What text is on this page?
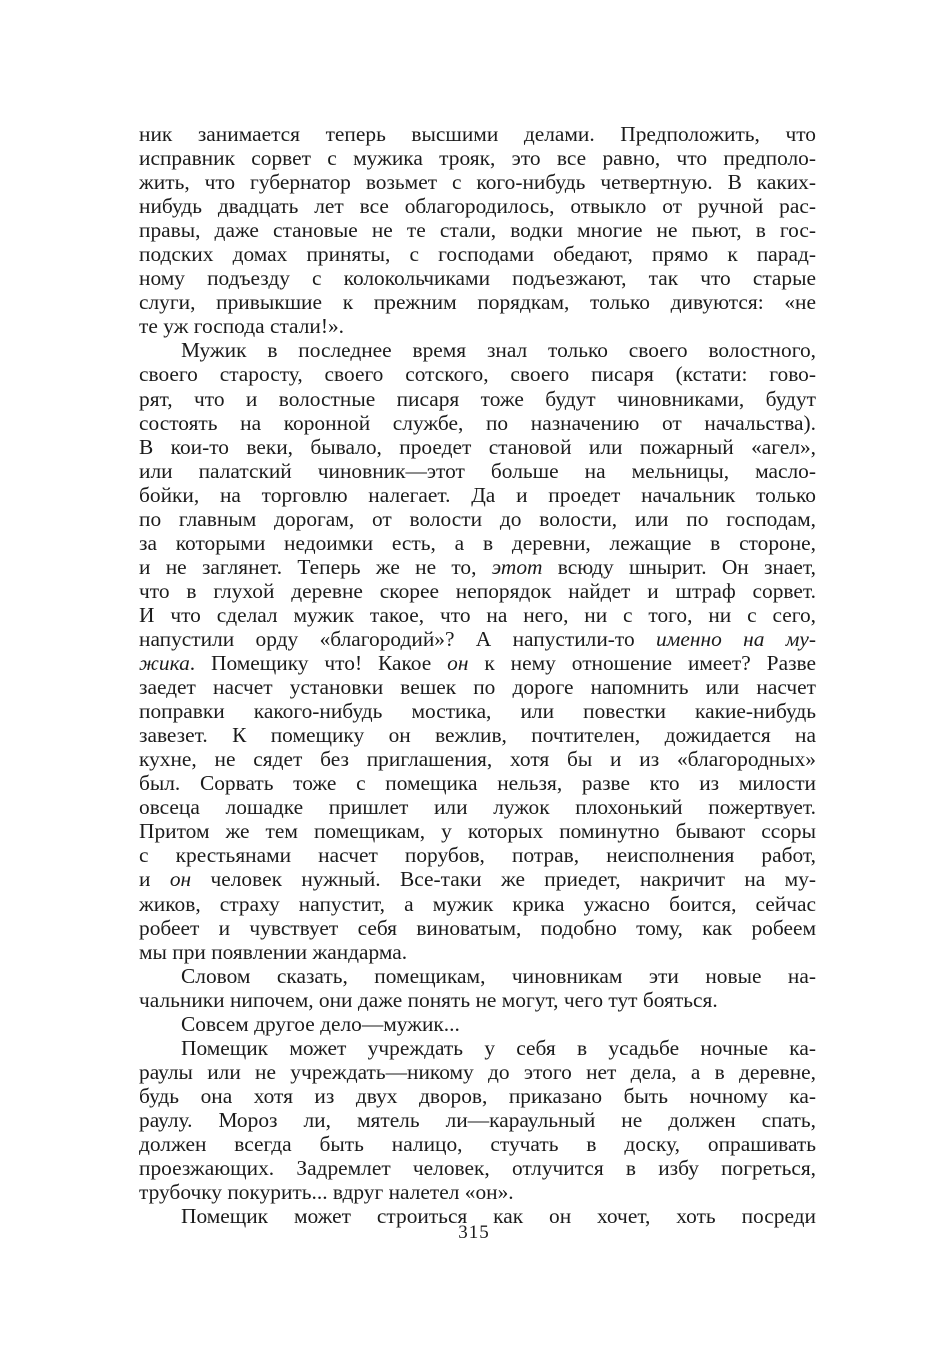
ник занимается теперь высшими делами. Предположить, что
исправник сорвет с мужика трояк, это все равно, что предполо-
жить, что губернатор возьмет с кого-нибудь четвертную. В каких-
нибудь двадцать лет все облагородилось, отвыкло от ручной рас-
правы, даже становые не те стали, водки многие не пьют, в гос-
подских домах приняты, с господами обедают, прямо к парад-
ному подъезду с колокольчиками подъезжают, так что старые
слуги, привыкшие к прежним порядкам, только дивуются: «не
те уж господа стали!».
Мужик в последнее время знал только своего волостного,
своего старосту, своего сотского, своего писаря (кстати: гово-
рят, что и волостные писаря тоже будут чиновниками, будут
состоять на коронной службе, по назначению от начальства).
В кои-то веки, бывало, проедет становой или пожарный «агел»,
или палатский чиновник—этот больше на мельницы, масло-
бойки, на торговлю налегает. Да и проедет начальник только
по главным дорогам, от волости до волости, или по господам,
за которыми недоимки есть, а в деревни, лежащие в стороне,
и не заглянет. Теперь же не то, этот всюду шнырит. Он знает,
что в глухой деревне скорее непорядок найдет и штраф сорвет.
И что сделал мужик такое, что на него, ни с того, ни с сего,
напустили орду «благородий»? А напустили-то именно на му-
жика. Помещику что! Какое он к нему отношение имеет? Разве
заедет насчет установки вешек по дороге напомнить или насчет
поправки какого-нибудь мостика, или повестки какие-нибудь
завезет. К помещику он вежлив, почтителен, дожидается на
кухне, не сядет без приглашения, хотя бы и из «благородных»
был. Сорвать тоже с помещика нельзя, разве кто из милости
овсеца лошадке пришлет или лужок плохонький пожертвует.
Притом же тем помещикам, у которых поминутно бывают ссоры
с крестьянами насчет порубов, потрав, неисполнения работ,
и он человек нужный. Все-таки же приедет, накричит на му-
жиков, страху напустит, а мужик крика ужасно боится, сейчас
робеет и чувствует себя виноватым, подобно тому, как робеем
мы при появлении жандарма.
Словом сказать, помещикам, чиновникам эти новые на-
чальники нипочем, они даже понять не могут, чего тут бояться.
Совсем другое дело—мужик...
Помещик может учреждать у себя в усадьбе ночные ка-
раулы или не учреждать—никому до этого нет дела, а в деревне,
будь она хотя из двух дворов, приказано быть ночному ка-
раулу. Мороз ли, мятель ли—караульный не должен спать,
должен всегда быть налицо, стучать в доску, опрашивать
проезжающих. Задремлет человек, отлучится в избу погреться,
трубочку покурить... вдруг налетел «он».
Помещик может строиться как он хочет, хоть посреди
315
